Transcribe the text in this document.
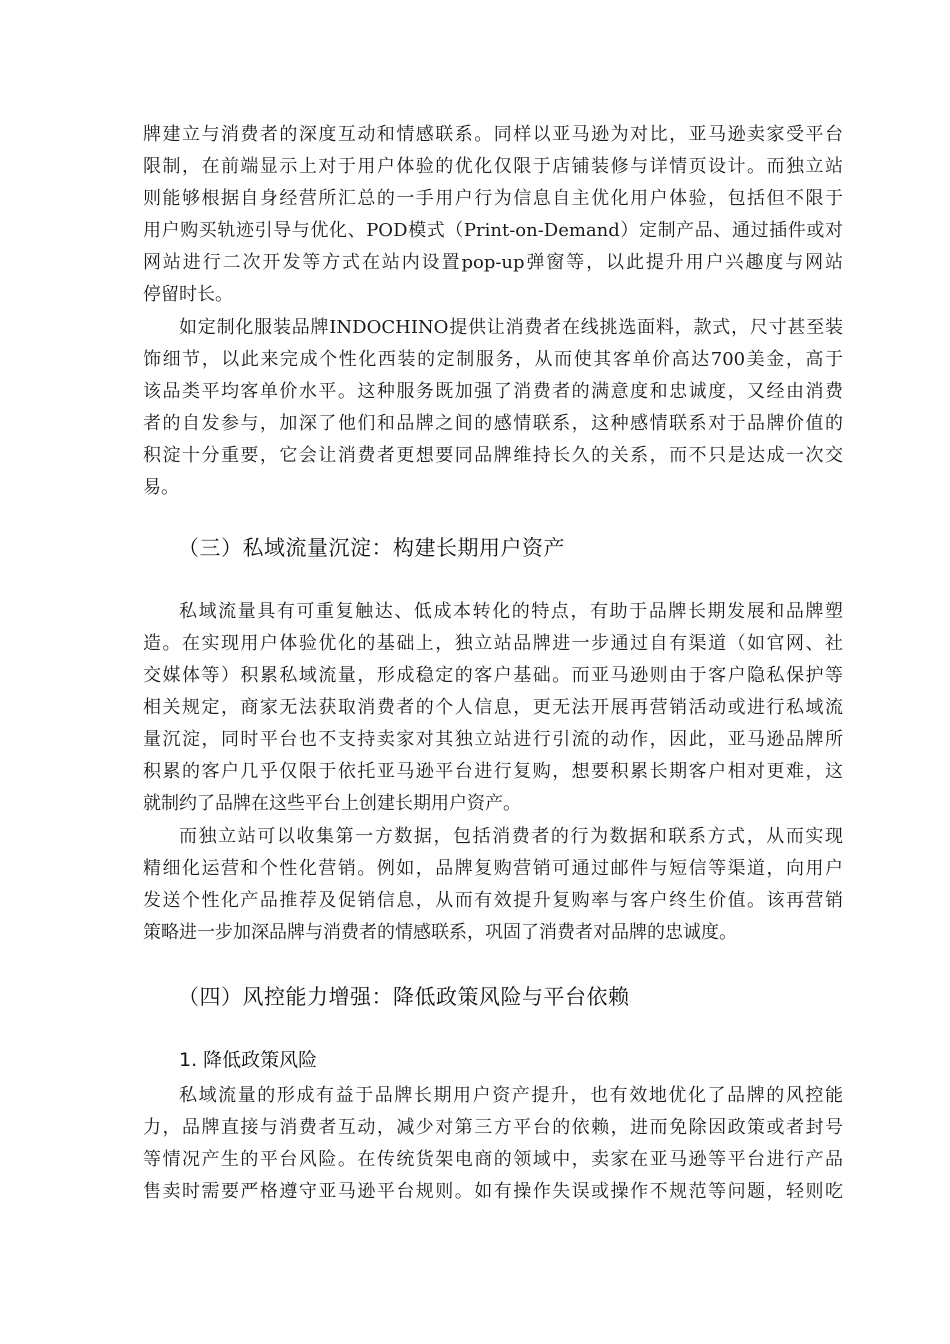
牌建立与消费者的深度互动和情感联系。同样以亚马逊为对比，亚马逊卖家受平台
限制，在前端显示上对于用户体验的优化仅限于店铺装修与详情页设计。而独立站
则能够根据自身经营所汇总的一手用户行为信息自主优化用户体验，包括但不限于
用户购买轨迹引导与优化、POD模式（Print-on-Demand）定制产品、通过插件或对
网站进行二次开发等方式在站内设置pop-up弹窗等，以此提升用户兴趣度与网站
停留时长。
如定制化服装品牌INDOCHINO提供让消费者在线挑选面料，款式，尺寸甚至装
饰细节，以此来完成个性化西装的定制服务，从而使其客单价高达700美金，高于
该品类平均客单价水平。这种服务既加强了消费者的满意度和忠诚度，又经由消费
者的自发参与，加深了他们和品牌之间的感情联系，这种感情联系对于品牌价值的
积淀十分重要，它会让消费者更想要同品牌维持长久的关系，而不只是达成一次交
易。
（三）私域流量沉淀：构建长期用户资产
私域流量具有可重复触达、低成本转化的特点，有助于品牌长期发展和品牌塑
造。在实现用户体验优化的基础上，独立站品牌进一步通过自有渠道（如官网、社
交媒体等）积累私域流量，形成稳定的客户基础。而亚马逊则由于客户隐私保护等
相关规定，商家无法获取消费者的个人信息，更无法开展再营销活动或进行私域流
量沉淀，同时平台也不支持卖家对其独立站进行引流的动作，因此，亚马逊品牌所
积累的客户几乎仅限于依托亚马逊平台进行复购，想要积累长期客户相对更难，这
就制约了品牌在这些平台上创建长期用户资产。
而独立站可以收集第一方数据，包括消费者的行为数据和联系方式，从而实现
精细化运营和个性化营销。例如，品牌复购营销可通过邮件与短信等渠道，向用户
发送个性化产品推荐及促销信息，从而有效提升复购率与客户终生价值。该再营销
策略进一步加深品牌与消费者的情感联系，巩固了消费者对品牌的忠诚度。
（四）风控能力增强：降低政策风险与平台依赖
1. 降低政策风险
私域流量的形成有益于品牌长期用户资产提升，也有效地优化了品牌的风控能
力，品牌直接与消费者互动，减少对第三方平台的依赖，进而免除因政策或者封号
等情况产生的平台风险。在传统货架电商的领域中，卖家在亚马逊等平台进行产品
售卖时需要严格遵守亚马逊平台规则。如有操作失误或操作不规范等问题，轻则吃
